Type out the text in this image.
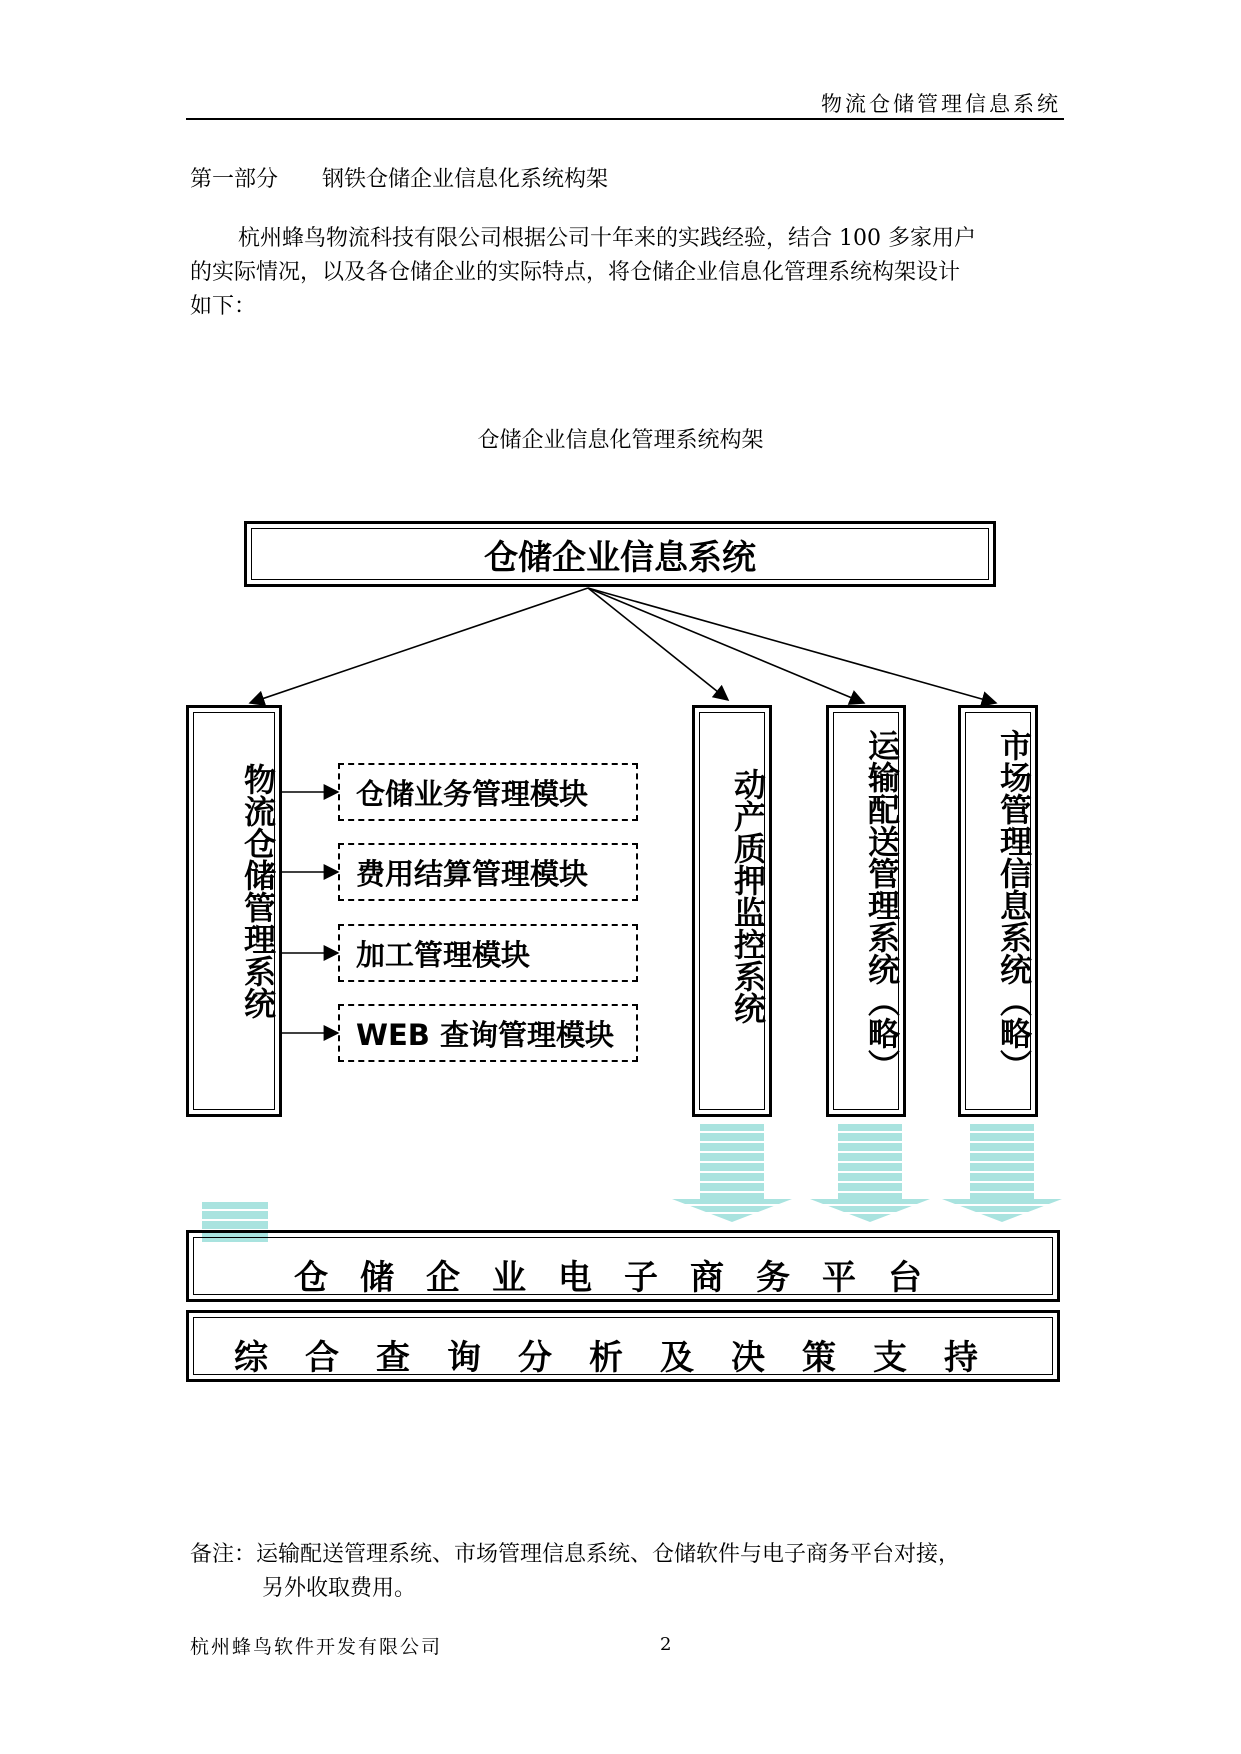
物流仓储管理信息系统
第一部分　　钢铁仓储企业信息化系统构架

杭州蜂鸟物流科技有限公司根据公司十年来的实践经验，结合 100 多家用户

的实际情况，以及各仓储企业的实际特点，将仓储企业信息化管理系统构架设计

如下：

仓储企业信息化管理系统构架
仓储企业信息系统
物流仓储管理系统	仓储业务管理模块
费用结算管理模块
加工管理模块
WEB 查询管理模块
动产质押监控系统	运输配送管理系统（略）	市场管理信息系统（略）
仓 储 企 业 电 子 商 务 平 台
综 合 查 询 分 析 及 决 策 支 持
备注：运输配送管理系统、市场管理信息系统、仓储软件与电子商务平台对接，
另外收取费用。
杭州蜂鸟软件开发有限公司	2
